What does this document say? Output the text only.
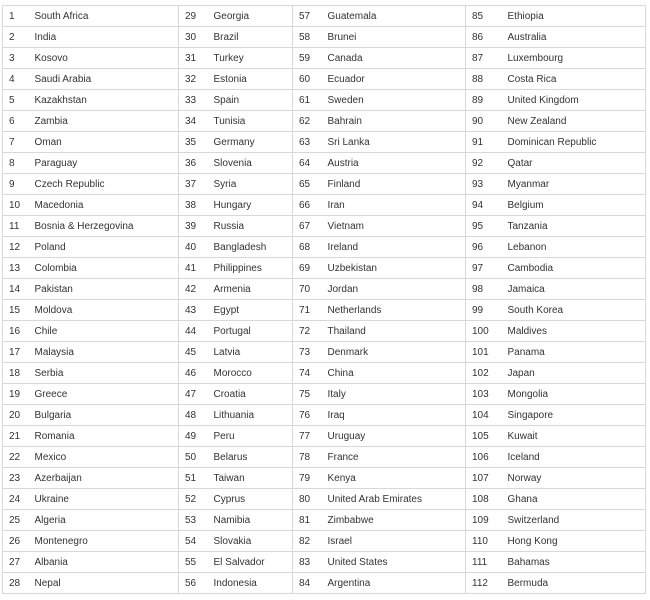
1	South Africa	29	Georgia	57	Guatemala	85	Ethiopia
2	India	30	Brazil	58	Brunei	86	Australia
3	Kosovo	31	Turkey	59	Canada	87	Luxembourg
4	Saudi Arabia	32	Estonia	60	Ecuador	88	Costa Rica
5	Kazakhstan	33	Spain	61	Sweden	89	United Kingdom
6	Zambia	34	Tunisia	62	Bahrain	90	New Zealand
7	Oman	35	Germany	63	Sri Lanka	91	Dominican Republic
8	Paraguay	36	Slovenia	64	Austria	92	Qatar
9	Czech Republic	37	Syria	65	Finland	93	Myanmar
10	Macedonia	38	Hungary	66	Iran	94	Belgium
11	Bosnia & Herzegovina	39	Russia	67	Vietnam	95	Tanzania
12	Poland	40	Bangladesh	68	Ireland	96	Lebanon
13	Colombia	41	Philippines	69	Uzbekistan	97	Cambodia
14	Pakistan	42	Armenia	70	Jordan	98	Jamaica
15	Moldova	43	Egypt	71	Netherlands	99	South Korea
16	Chile	44	Portugal	72	Thailand	100	Maldives
17	Malaysia	45	Latvia	73	Denmark	101	Panama
18	Serbia	46	Morocco	74	China	102	Japan
19	Greece	47	Croatia	75	Italy	103	Mongolia
20	Bulgaria	48	Lithuania	76	Iraq	104	Singapore
21	Romania	49	Peru	77	Uruguay	105	Kuwait
22	Mexico	50	Belarus	78	France	106	Iceland
23	Azerbaijan	51	Taiwan	79	Kenya	107	Norway
24	Ukraine	52	Cyprus	80	United Arab Emirates	108	Ghana
25	Algeria	53	Namibia	81	Zimbabwe	109	Switzerland
26	Montenegro	54	Slovakia	82	Israel	110	Hong Kong
27	Albania	55	El Salvador	83	United States	111	Bahamas
28	Nepal	56	Indonesia	84	Argentina	112	Bermuda
